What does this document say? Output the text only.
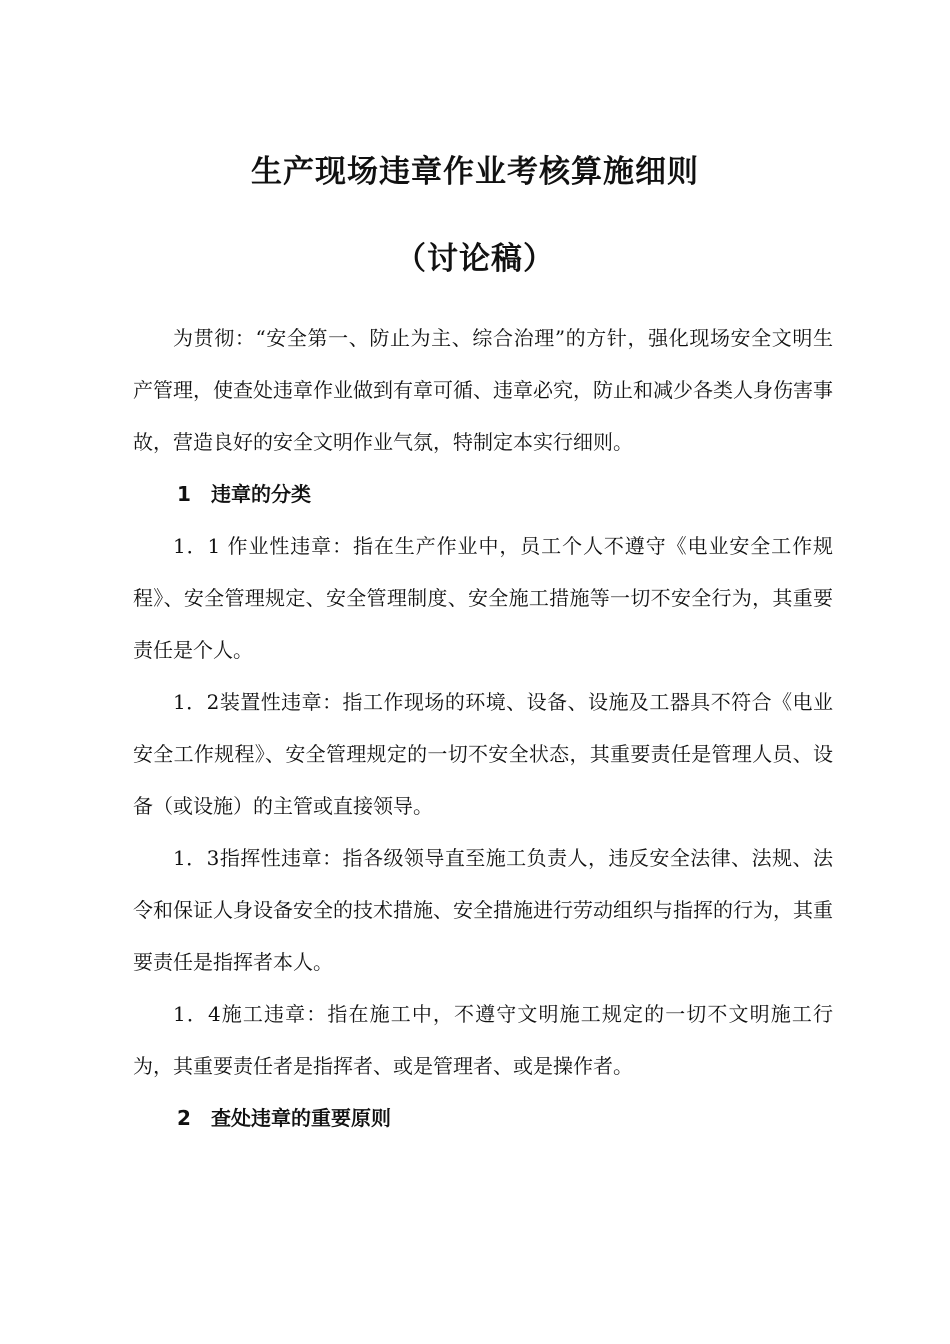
生产现场违章作业考核算施细则
（讨论稿）

为贯彻：“安全第一、防止为主、综合治理”的方针，强化现场安全文明生产管理，使查处违章作业做到有章可循、违章必究，防止和减少各类人身伤害事故，营造良好的安全文明作业气氛，特制定本实行细则。

1 违章的分类

1．1 作业性违章：指在生产作业中，员工个人不遵守《电业安全工作规程》、安全管理规定、安全管理制度、安全施工措施等一切不安全行为，其重要责任是个人。

1．2装置性违章：指工作现场的环境、设备、设施及工器具不符合《电业安全工作规程》、安全管理规定的一切不安全状态，其重要责任是管理人员、设备（或设施）的主管或直接领导。

1．3指挥性违章：指各级领导直至施工负责人，违反安全法律、法规、法令和保证人身设备安全的技术措施、安全措施进行劳动组织与指挥的行为，其重要责任是指挥者本人。

1．4施工违章：指在施工中，不遵守文明施工规定的一切不文明施工行为，其重要责任者是指挥者、或是管理者、或是操作者。

2 查处违章的重要原则
